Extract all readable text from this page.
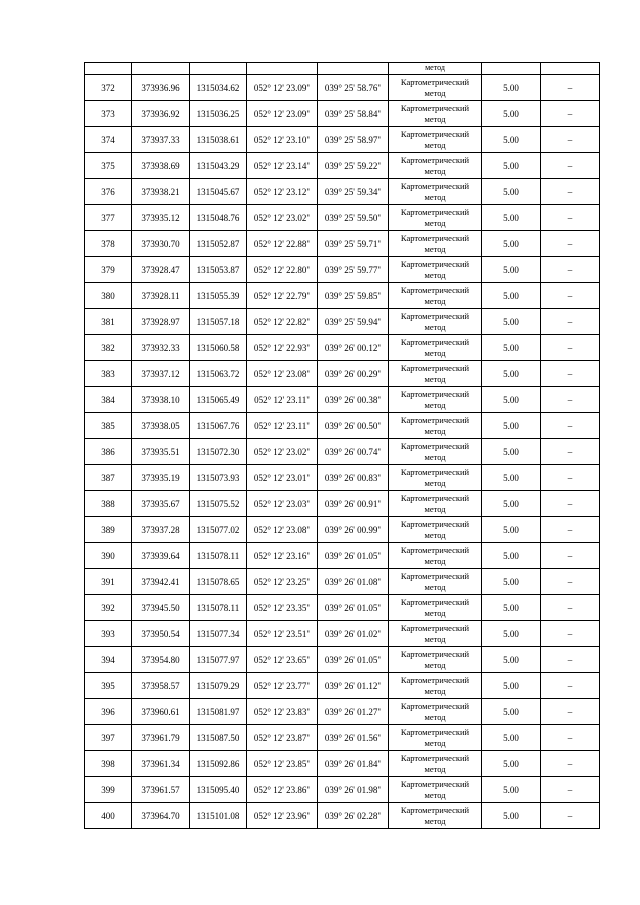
					метод		
372	373936.96	1315034.62	052° 12' 23.09"	039° 25' 58.76"	Картометрический
метод	5.00	–
373	373936.92	1315036.25	052° 12' 23.09"	039° 25' 58.84"	Картометрический
метод	5.00	–
374	373937.33	1315038.61	052° 12' 23.10"	039° 25' 58.97"	Картометрический
метод	5.00	–
375	373938.69	1315043.29	052° 12' 23.14"	039° 25' 59.22"	Картометрический
метод	5.00	–
376	373938.21	1315045.67	052° 12' 23.12"	039° 25' 59.34"	Картометрический
метод	5.00	–
377	373935.12	1315048.76	052° 12' 23.02"	039° 25' 59.50"	Картометрический
метод	5.00	–
378	373930.70	1315052.87	052° 12' 22.88"	039° 25' 59.71"	Картометрический
метод	5.00	–
379	373928.47	1315053.87	052° 12' 22.80"	039° 25' 59.77"	Картометрический
метод	5.00	–
380	373928.11	1315055.39	052° 12' 22.79"	039° 25' 59.85"	Картометрический
метод	5.00	–
381	373928.97	1315057.18	052° 12' 22.82"	039° 25' 59.94"	Картометрический
метод	5.00	–
382	373932.33	1315060.58	052° 12' 22.93"	039° 26' 00.12"	Картометрический
метод	5.00	–
383	373937.12	1315063.72	052° 12' 23.08"	039° 26' 00.29"	Картометрический
метод	5.00	–
384	373938.10	1315065.49	052° 12' 23.11"	039° 26' 00.38"	Картометрический
метод	5.00	–
385	373938.05	1315067.76	052° 12' 23.11"	039° 26' 00.50"	Картометрический
метод	5.00	–
386	373935.51	1315072.30	052° 12' 23.02"	039° 26' 00.74"	Картометрический
метод	5.00	–
387	373935.19	1315073.93	052° 12' 23.01"	039° 26' 00.83"	Картометрический
метод	5.00	–
388	373935.67	1315075.52	052° 12' 23.03"	039° 26' 00.91"	Картометрический
метод	5.00	–
389	373937.28	1315077.02	052° 12' 23.08"	039° 26' 00.99"	Картометрический
метод	5.00	–
390	373939.64	1315078.11	052° 12' 23.16"	039° 26' 01.05"	Картометрический
метод	5.00	–
391	373942.41	1315078.65	052° 12' 23.25"	039° 26' 01.08"	Картометрический
метод	5.00	–
392	373945.50	1315078.11	052° 12' 23.35"	039° 26' 01.05"	Картометрический
метод	5.00	–
393	373950.54	1315077.34	052° 12' 23.51"	039° 26' 01.02"	Картометрический
метод	5.00	–
394	373954.80	1315077.97	052° 12' 23.65"	039° 26' 01.05"	Картометрический
метод	5.00	–
395	373958.57	1315079.29	052° 12' 23.77"	039° 26' 01.12"	Картометрический
метод	5.00	–
396	373960.61	1315081.97	052° 12' 23.83"	039° 26' 01.27"	Картометрический
метод	5.00	–
397	373961.79	1315087.50	052° 12' 23.87"	039° 26' 01.56"	Картометрический
метод	5.00	–
398	373961.34	1315092.86	052° 12' 23.85"	039° 26' 01.84"	Картометрический
метод	5.00	–
399	373961.57	1315095.40	052° 12' 23.86"	039° 26' 01.98"	Картометрический
метод	5.00	–
400	373964.70	1315101.08	052° 12' 23.96"	039° 26' 02.28"	Картометрический
метод	5.00	–
